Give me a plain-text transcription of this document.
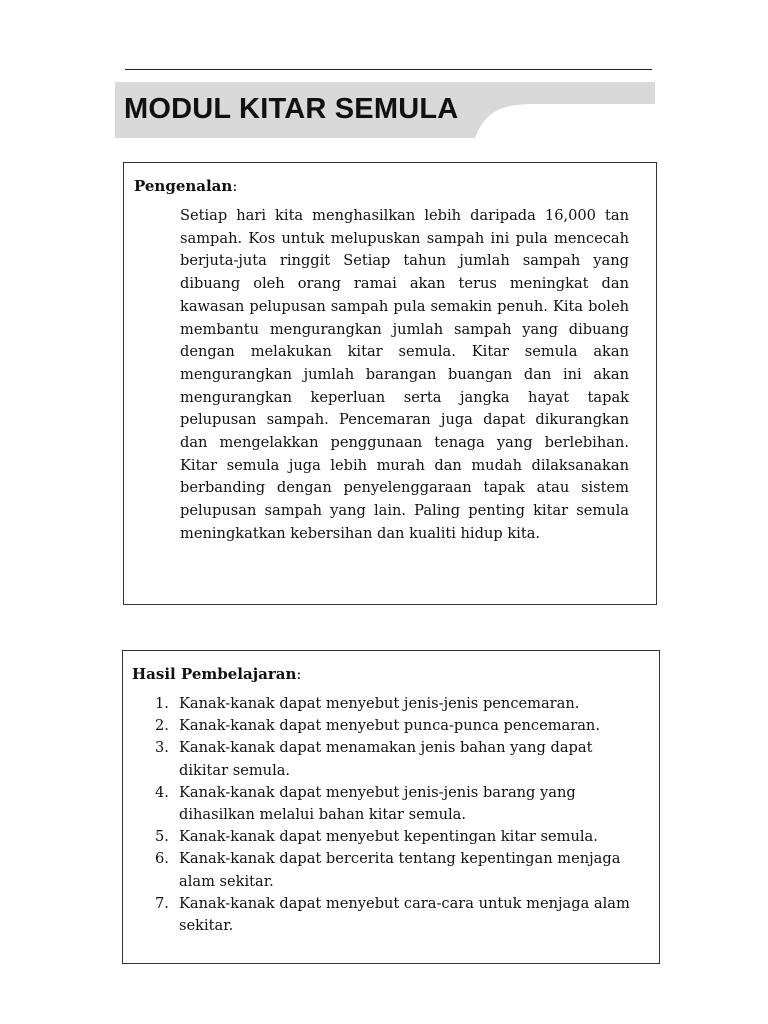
MODUL KITAR SEMULA
Pengenalan:

Setiap hari kita menghasilkan lebih daripada 16,000 tan sampah. Kos untuk melupuskan sampah ini pula mencecah berjuta-juta ringgit Setiap tahun jumlah sampah yang dibuang oleh orang ramai akan terus meningkat dan kawasan pelupusan sampah pula semakin penuh. Kita boleh membantu mengurangkan jumlah sampah yang dibuang dengan melakukan kitar semula. Kitar semula akan mengurangkan jumlah barangan buangan dan ini akan mengurangkan keperluan serta jangka hayat tapak pelupusan sampah. Pencemaran juga dapat dikurangkan dan mengelakkan penggunaan tenaga yang berlebihan. Kitar semula juga lebih murah dan mudah dilaksanakan berbanding dengan penyelenggaraan tapak atau sistem pelupusan sampah yang lain. Paling penting kitar semula meningkatkan kebersihan dan kualiti hidup kita.

Hasil Pembelajaran:
1. Kanak-kanak dapat menyebut jenis-jenis pencemaran.
2. Kanak-kanak dapat menyebut punca-punca pencemaran.
3. Kanak-kanak dapat menamakan jenis bahan yang dapat dikitar semula.
4. Kanak-kanak dapat menyebut jenis-jenis barang yang dihasilkan melalui bahan kitar semula.
5. Kanak-kanak dapat menyebut kepentingan kitar semula.
6. Kanak-kanak dapat bercerita tentang kepentingan menjaga alam sekitar.
7. Kanak-kanak dapat menyebut cara-cara untuk menjaga alam sekitar.
